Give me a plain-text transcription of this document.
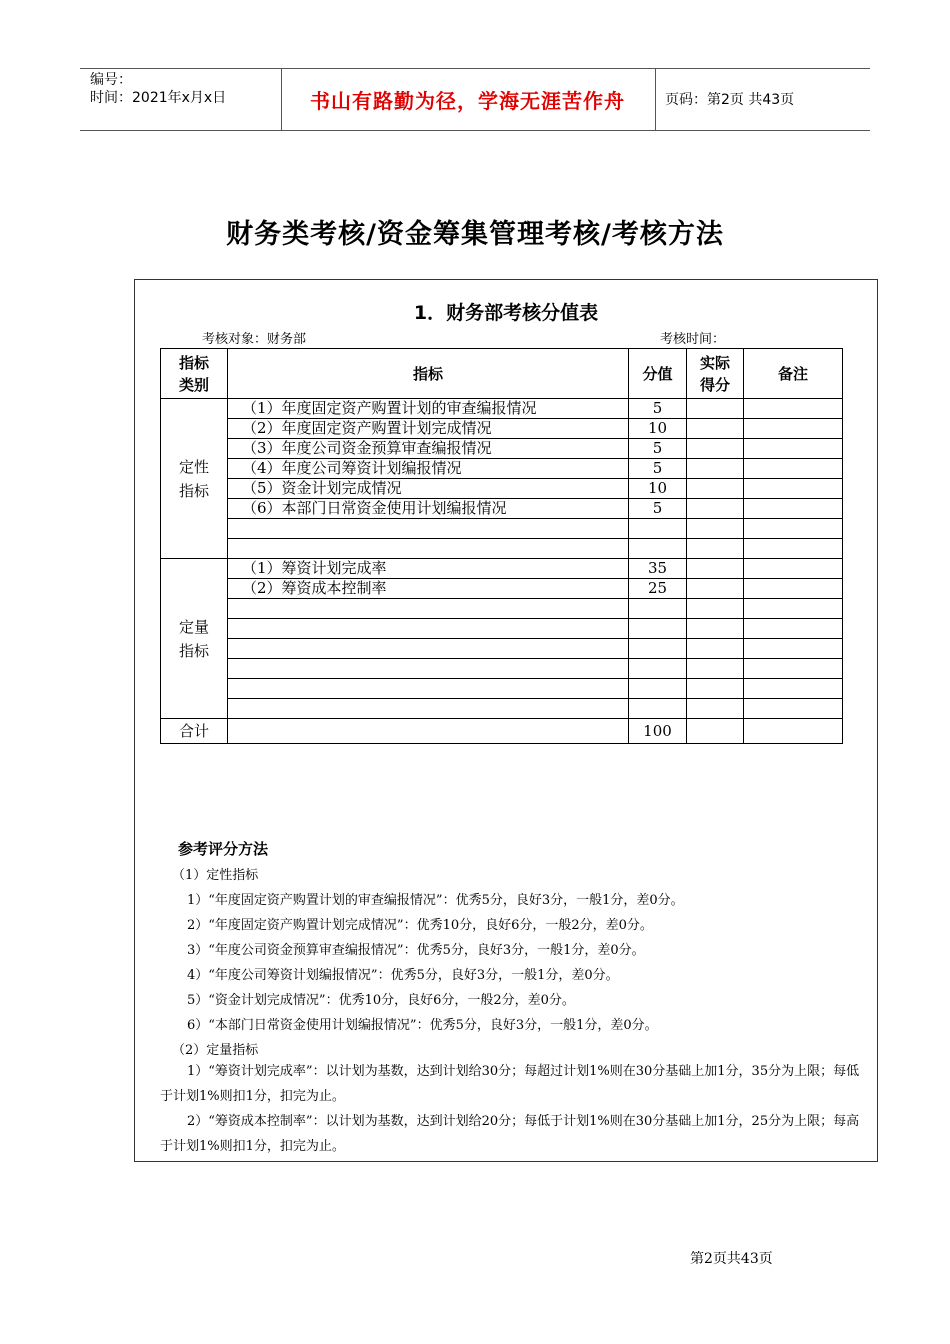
编号：
时间：2021年x月x日	书山有路勤为径，学海无涯苦作舟	页码：第2页 共43页
财务类考核/资金筹集管理考核/考核方法
1．财务部考核分值表
考核对象：财务部	考核时间：
指标类别	指标	分值	实际得分	备注

定性指标	（1）年度固定资产购置计划的审查编报情况	5		
	（2）年度固定资产购置计划完成情况	10		
	（3）年度公司资金预算审查编报情况	5		
	（4）年度公司筹资计划编报情况	5		
	（5）资金计划完成情况	10		
	（6）本部门日常资金使用计划编报情况	5		

定量指标	（1）筹资计划完成率	35		
	（2）筹资成本控制率	25		

合计		100		
参考评分方法
（1）定性指标
1）“年度固定资产购置计划的审查编报情况”：优秀5分，良好3分，一般1分，差0分。
2）“年度固定资产购置计划完成情况”：优秀10分，良好6分，一般2分，差0分。
3）“年度公司资金预算审查编报情况”：优秀5分，良好3分，一般1分，差0分。
4）“年度公司筹资计划编报情况”：优秀5分，良好3分，一般1分，差0分。
5）“资金计划完成情况”：优秀10分，良好6分，一般2分，差0分。
6）“本部门日常资金使用计划编报情况”：优秀5分，良好3分，一般1分，差0分。
（2）定量指标
1）“筹资计划完成率”：以计划为基数，达到计划给30分；每超过计划1%则在30分基础上加1分，35分为上限；每低于计划1%则扣1分，扣完为止。
2）“筹资成本控制率”：以计划为基数，达到计划给20分；每低于计划1%则在30分基础上加1分，25分为上限；每高于计划1%则扣1分，扣完为止。
第2页共43页
